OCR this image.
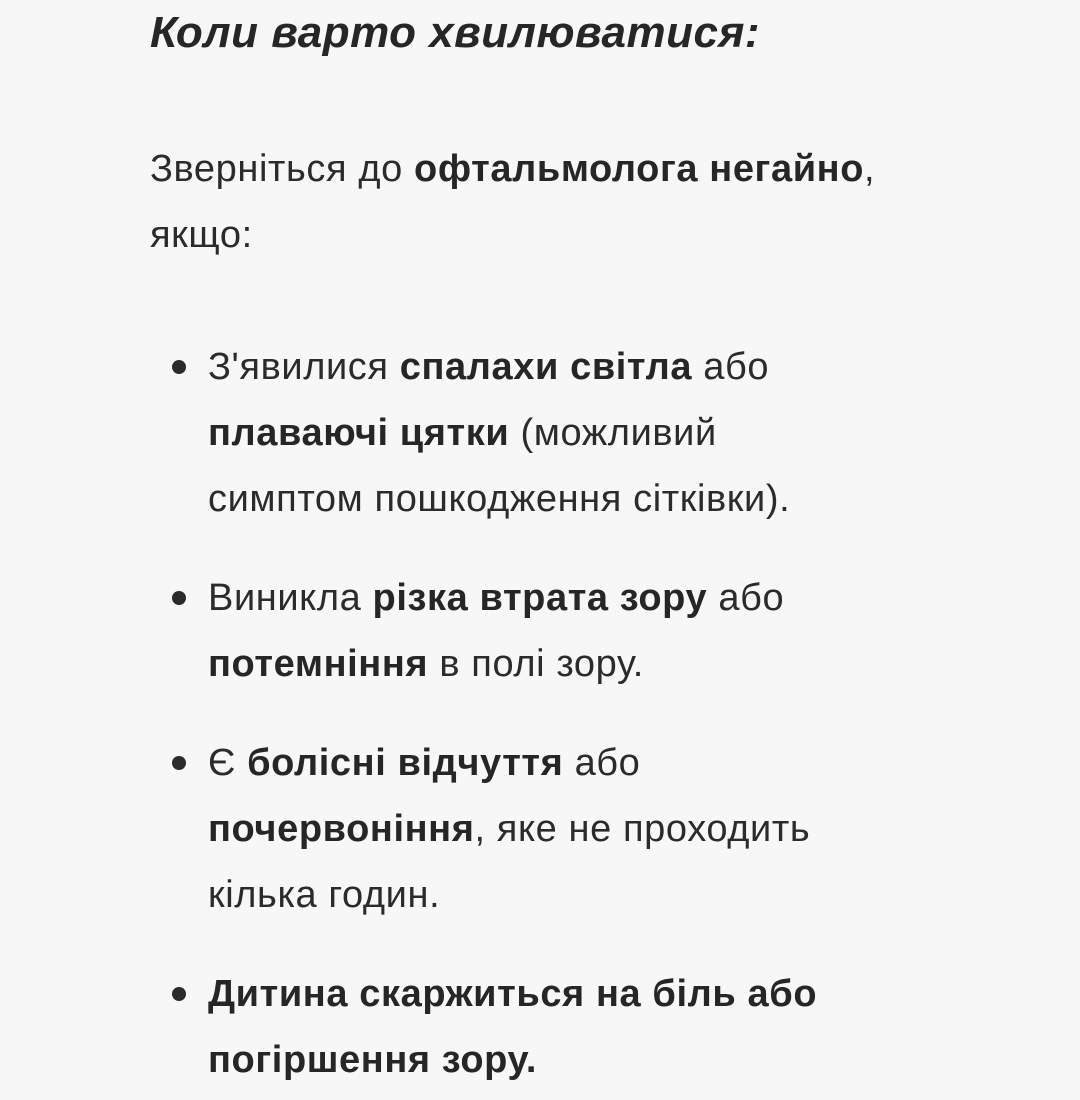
Коли варто хвилюватися:

Зверніться до офтальмолога негайно,
якщо:

З'явилися спалахи світла або
плаваючі цятки (можливий
симптом пошкодження сітківки).
Виникла різка втрата зору або
потемніння в полі зору.
Є болісні відчуття або
почервоніння, яке не проходить
кілька годин.
Дитина скаржиться на біль або
погіршення зору.
